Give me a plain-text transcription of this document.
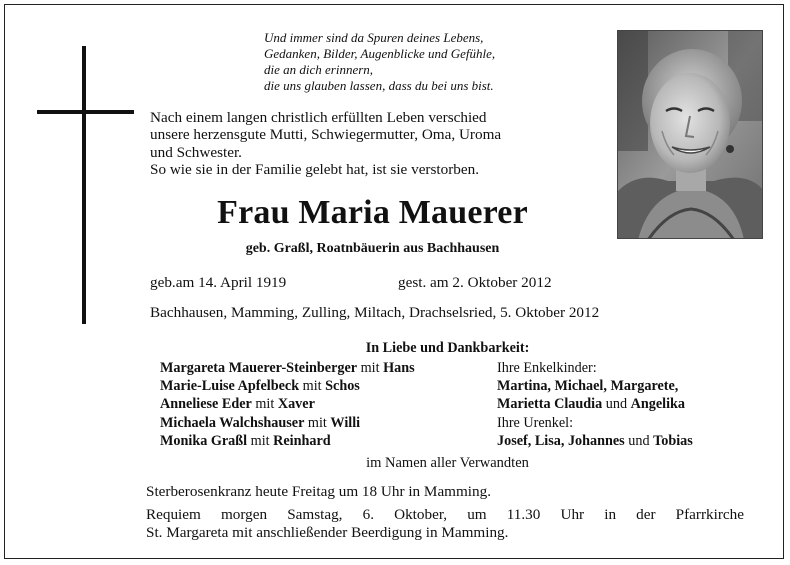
Und immer sind da Spuren deines Lebens,
Gedanken, Bilder, Augenblicke und Gefühle,
die an dich erinnern,
die uns glauben lassen, dass du bei uns bist.
Nach einem langen christlich erfüllten Leben verschied
unsere herzensgute Mutti, Schwiegermutter, Oma, Uroma
und Schwester.
So wie sie in der Familie gelebt hat, ist sie verstorben.
Frau Maria Mauerer
geb. Graßl, Roatnbäuerin aus Bachhausen
geb.am 14. April 1919	gest. am 2. Oktober 2012
Bachhausen, Mamming, Zulling, Miltach, Drachselsried, 5. Oktober 2012
In Liebe und Dankbarkeit:
Margareta Mauerer-Steinberger mit Hans
Marie-Luise Apfelbeck mit Schos
Anneliese Eder mit Xaver
Michaela Walchshauser mit Willi
Monika Graßl mit Reinhard
Ihre Enkelkinder:
Martina, Michael, Margarete,
Marietta Claudia und Angelika
Ihre Urenkel:
Josef, Lisa, Johannes und Tobias
im Namen aller Verwandten
Sterberosenkranz heute Freitag um 18 Uhr in Mamming.
Requiem morgen Samstag, 6. Oktober, um 11.30 Uhr in der Pfarrkirche
St. Margareta mit anschließender Beerdigung in Mamming.
